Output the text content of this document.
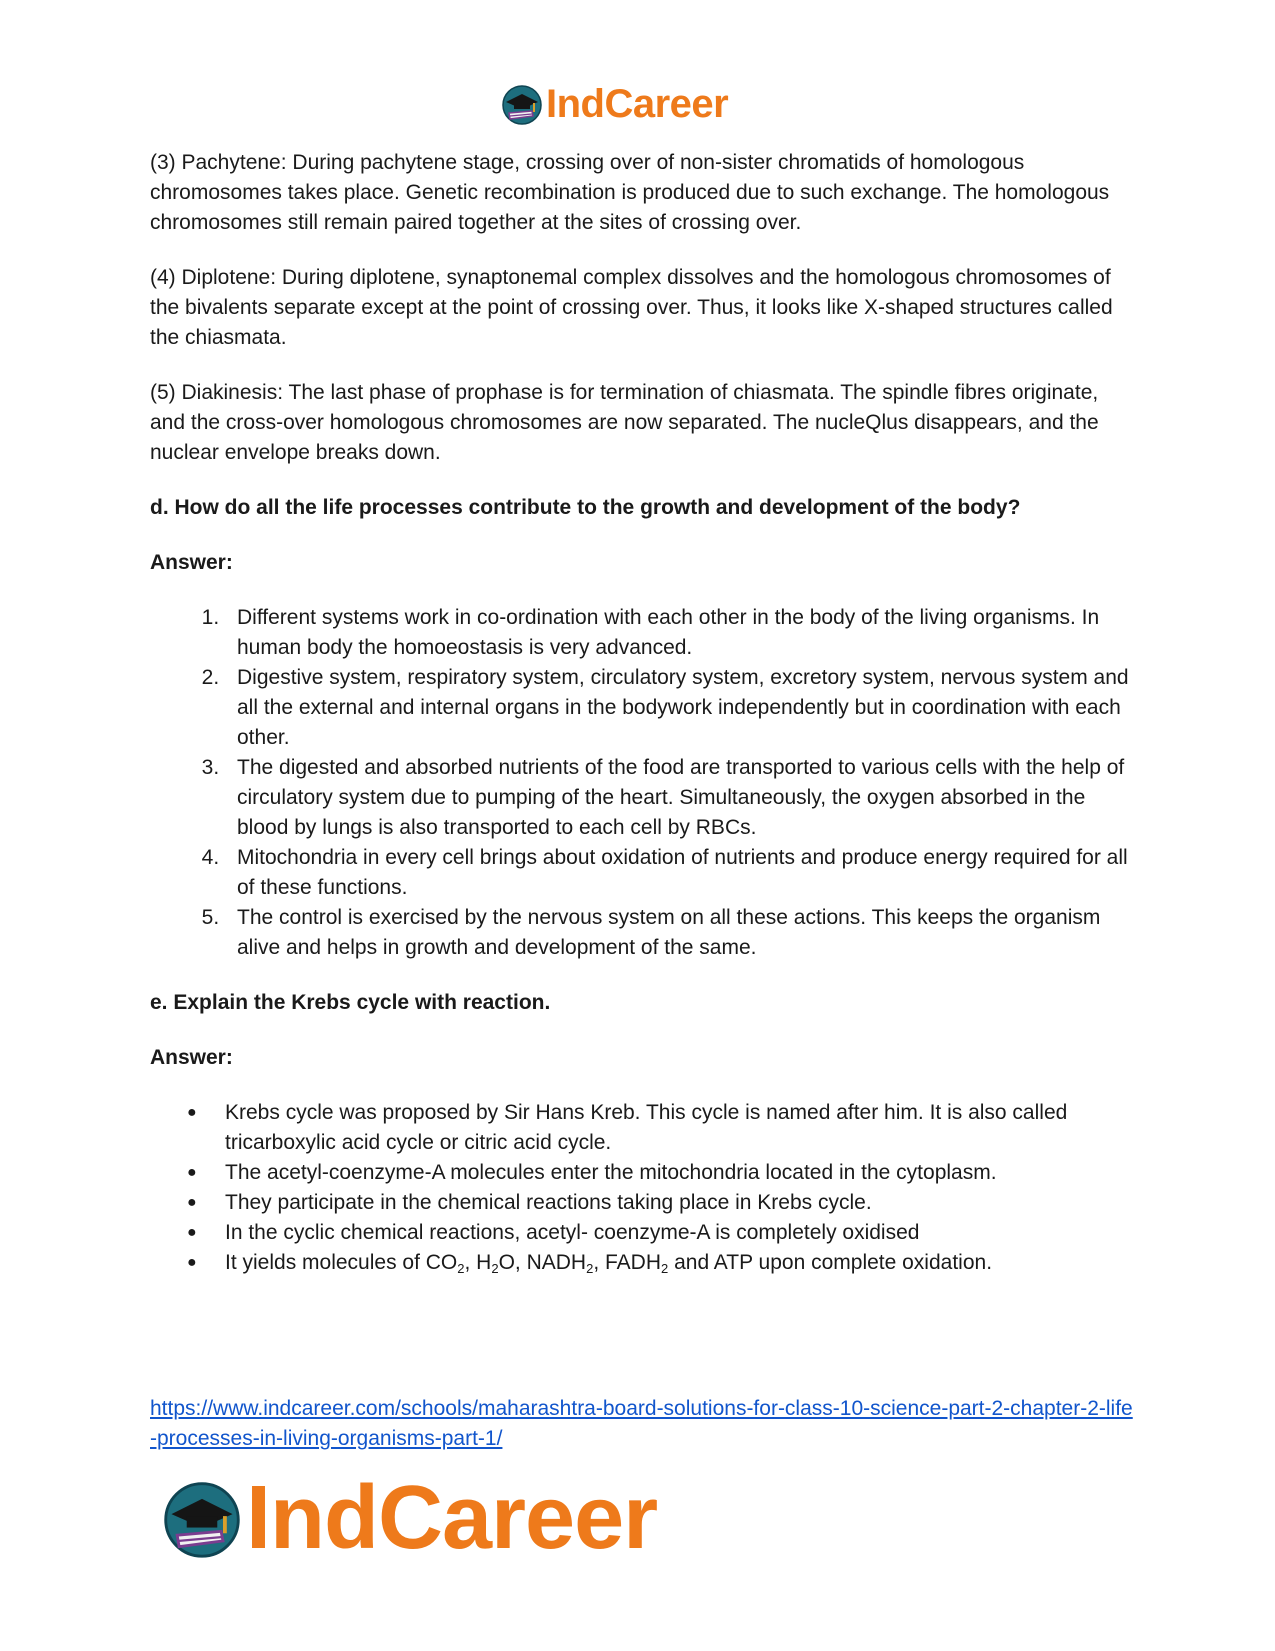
IndCareer

(3) Pachytene: During pachytene stage, crossing over of non-sister chromatids of homologous chromosomes takes place. Genetic recombination is produced due to such exchange. The homologous chromosomes still remain paired together at the sites of crossing over.

(4) Diplotene: During diplotene, synaptonemal complex dissolves and the homologous chromosomes of the bivalents separate except at the point of crossing over. Thus, it looks like X-shaped structures called the chiasmata.

(5) Diakinesis: The last phase of prophase is for termination of chiasmata. The spindle fibres originate, and the cross-over homologous chromosomes are now separated. The nucleQlus disappears, and the nuclear envelope breaks down.

d. How do all the life processes contribute to the growth and development of the body?

Answer:

1. Different systems work in co-ordination with each other in the body of the living organisms. In human body the homoeostasis is very advanced.
2. Digestive system, respiratory system, circulatory system, excretory system, nervous system and all the external and internal organs in the bodywork independently but in coordination with each other.
3. The digested and absorbed nutrients of the food are transported to various cells with the help of circulatory system due to pumping of the heart. Simultaneously, the oxygen absorbed in the blood by lungs is also transported to each cell by RBCs.
4. Mitochondria in every cell brings about oxidation of nutrients and produce energy required for all of these functions.
5. The control is exercised by the nervous system on all these actions. This keeps the organism alive and helps in growth and development of the same.

e. Explain the Krebs cycle with reaction.

Answer:

● Krebs cycle was proposed by Sir Hans Kreb. This cycle is named after him. It is also called tricarboxylic acid cycle or citric acid cycle.
● The acetyl-coenzyme-A molecules enter the mitochondria located in the cytoplasm.
● They participate in the chemical reactions taking place in Krebs cycle.
● In the cyclic chemical reactions, acetyl- coenzyme-A is completely oxidised
● It yields molecules of $CO_2$, $H_2O$, $NADH_2$, $FADH_2$ and ATP upon complete oxidation.
https://www.indcareer.com/schools/maharashtra-board-solutions-for-class-10-science-part-2-chapter-2-life-processes-in-living-organisms-part-1/
IndCareer
